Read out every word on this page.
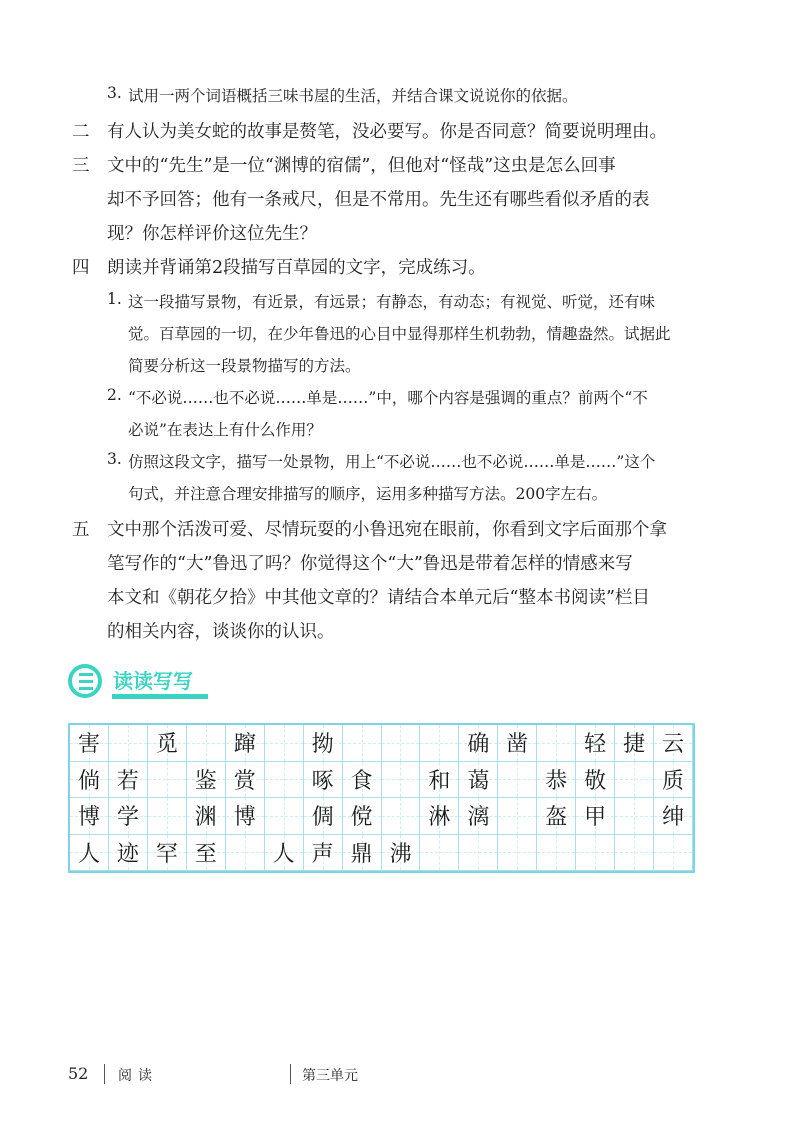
3. 试用一两个词语概括三味书屋的生活，并结合课文说说你的依据。
二 有人认为美女蛇的故事是赘笔，没必要写。你是否同意？简要说明理由。
三 文中的“先生”是一位“渊博的宿儒”，但他对“怪哉”这虫是怎么回事
却不予回答；他有一条戒尺，但是不常用。先生还有哪些看似矛盾的表
现？你怎样评价这位先生？
四 朗读并背诵第2段描写百草园的文字，完成练习。
1. 这一段描写景物，有近景，有远景；有静态，有动态；有视觉、听觉，还有味
觉。百草园的一切，在少年鲁迅的心目中显得那样生机勃勃，情趣盎然。试据此
简要分析这一段景物描写的方法。
2. “不必说……也不必说……单是……”中，哪个内容是强调的重点？前两个“不
必说”在表达上有什么作用？
3. 仿照这段文字，描写一处景物，用上“不必说……也不必说……单是……”这个
句式，并注意合理安排描写的顺序，运用多种描写方法。200字左右。
五 文中那个活泼可爱、尽情玩耍的小鲁迅宛在眼前，你看到文字后面那个拿
笔写作的“大”鲁迅了吗？你觉得这个“大”鲁迅是带着怎样的情感来写
本文和《朝花夕拾》中其他文章的？请结合本单元后“整本书阅读”栏目
的相关内容，谈谈你的认识。
读读写写
害	觅	蹿	拗	确 凿	轻 捷 云
倘 若	鉴 赏	啄 食	和 蔼	恭 敬	质
博 学	渊 博	倜 傥	淋 漓	盔 甲	绅
人 迹 罕 至	人 声 鼎 沸
52 阅读	第三单元
